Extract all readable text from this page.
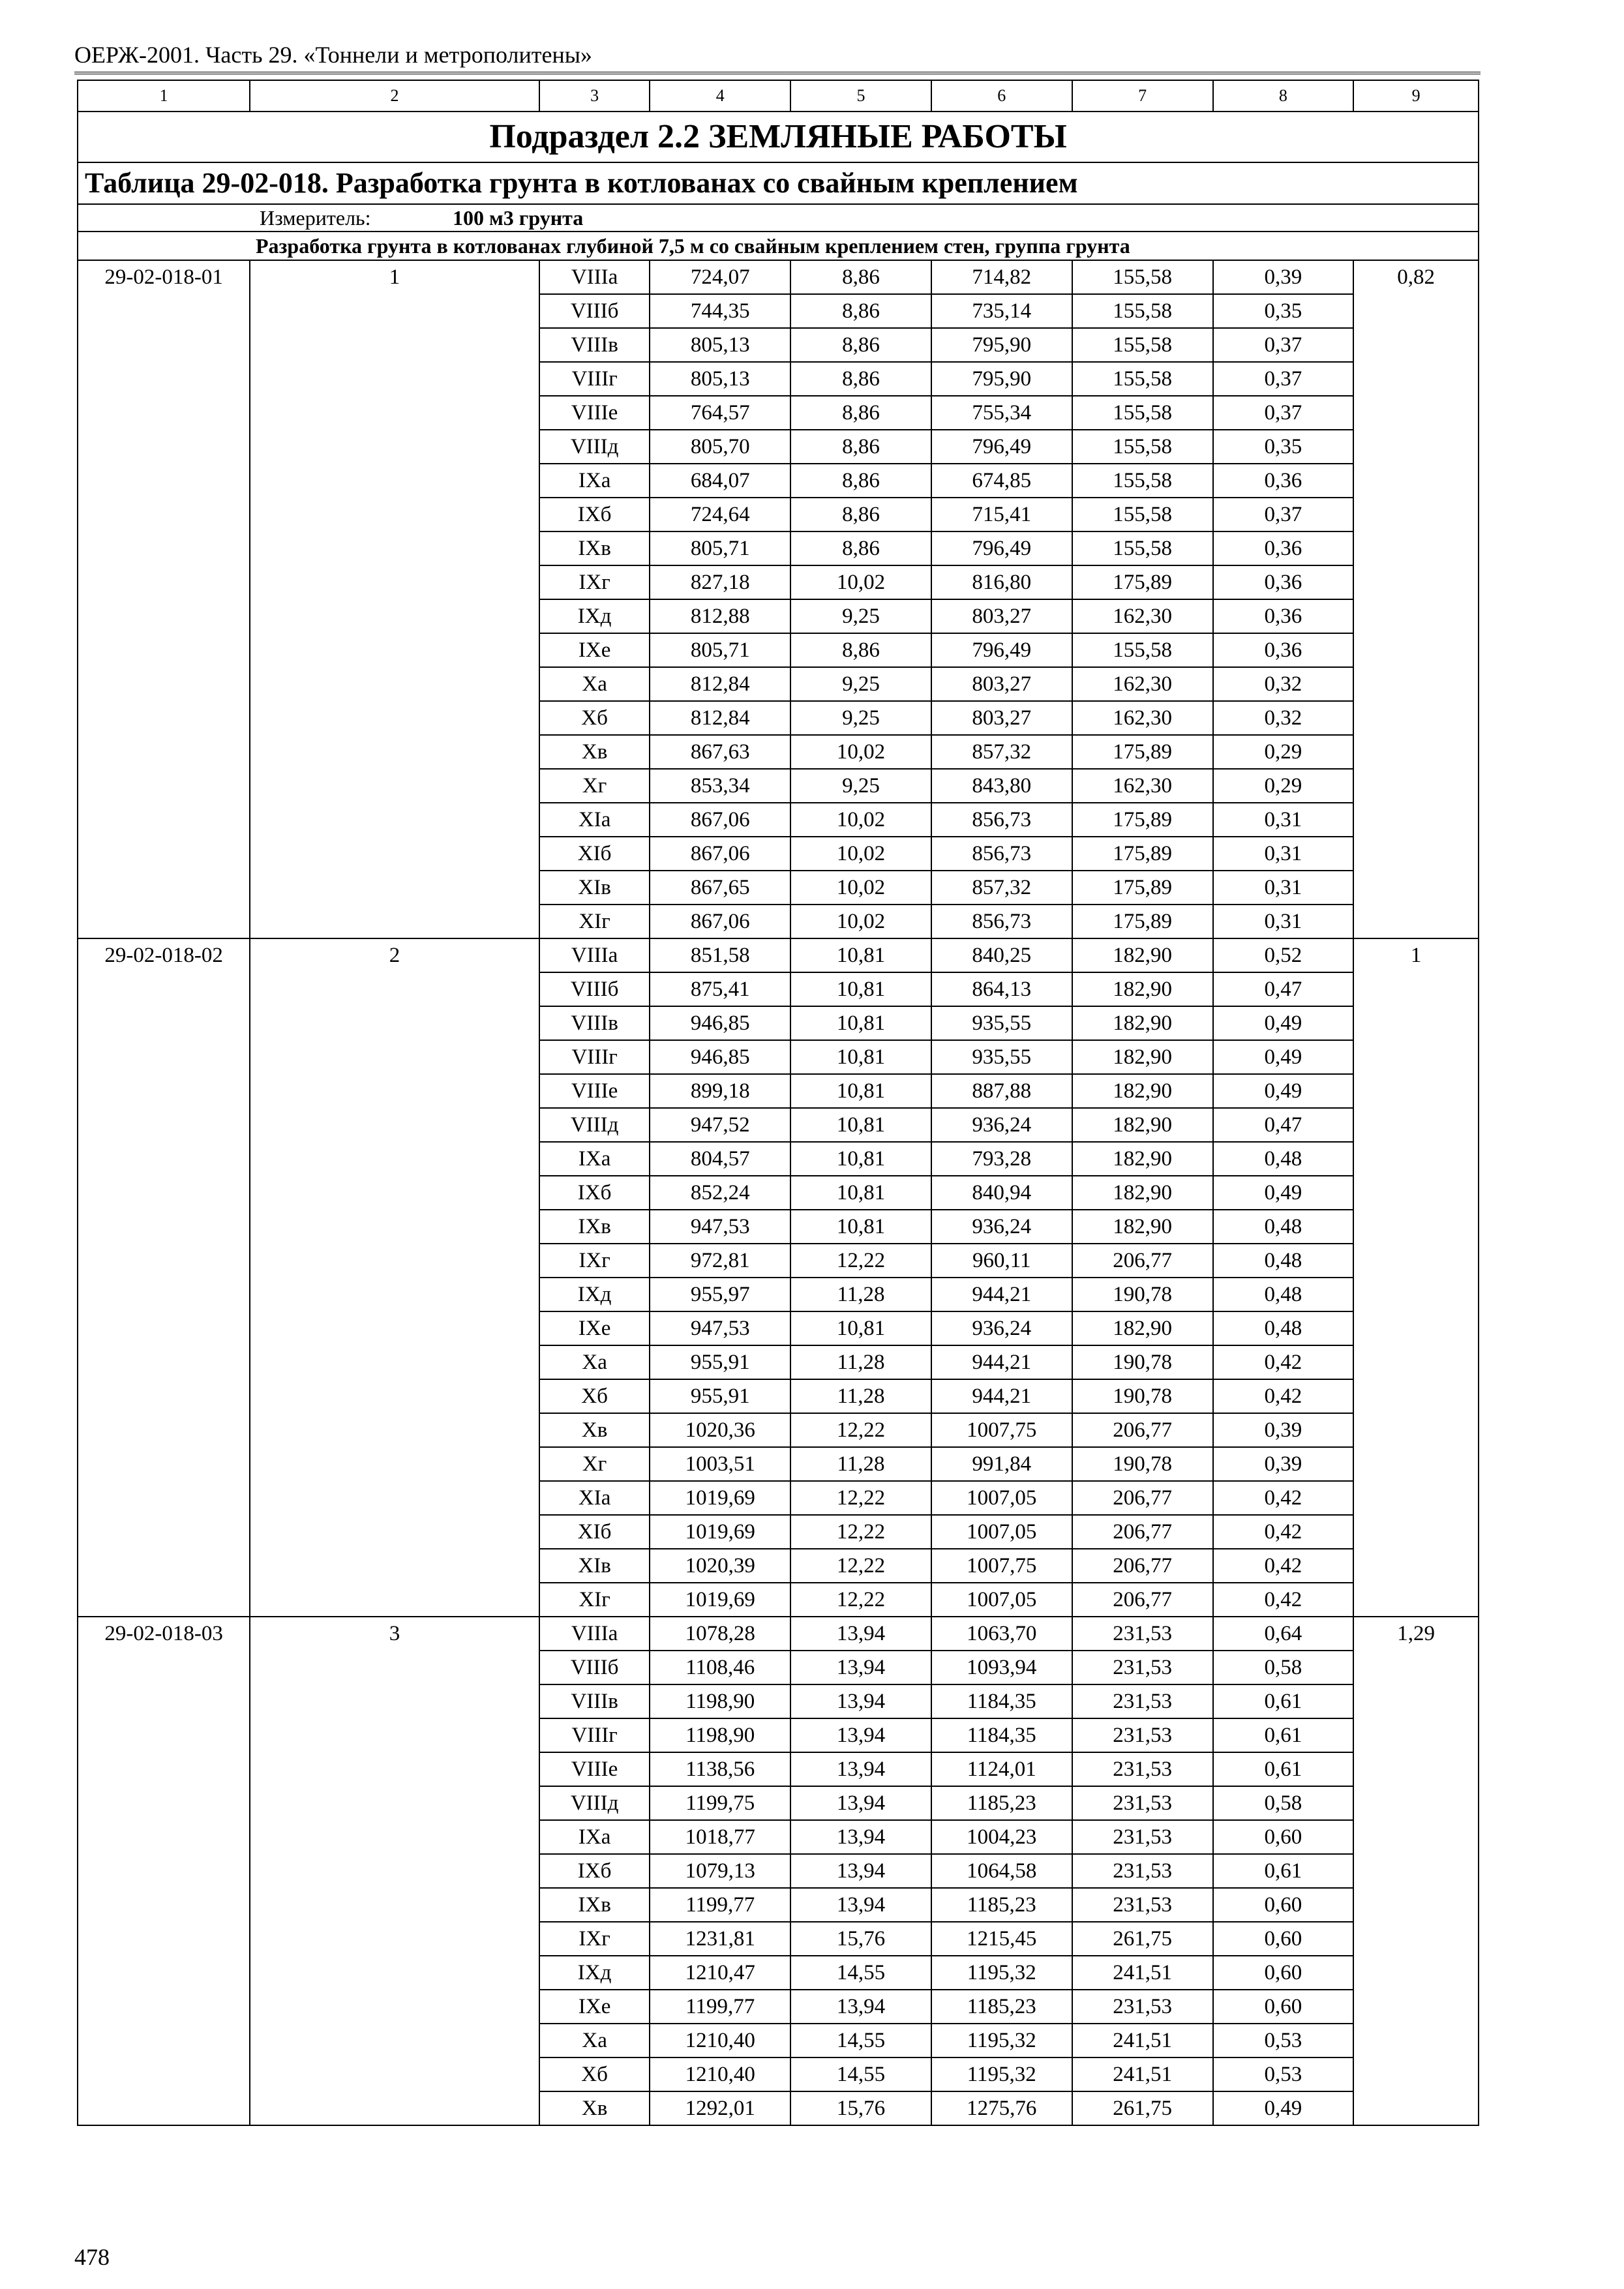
ОЕРЖ-2001. Часть 29. «Тоннели и метрополитены»
1	2	3	4	5	6	7	8	9
Подраздел 2.2 ЗЕМЛЯНЫЕ РАБОТЫ								
Таблица 29-02-018. Разработка грунта в котлованах со свайным креплением								
Измеритель: 100 м3 грунта								
Разработка грунта в котлованах глубиной 7,5 м со свайным креплением стен, группа грунта								
29-02-018-01	1	VIIIа	724,07	8,86	714,82	155,58	0,39	0,82
		VIIIб	744,35	8,86	735,14	155,58	0,35	
		VIIIв	805,13	8,86	795,90	155,58	0,37	
		VIIIг	805,13	8,86	795,90	155,58	0,37	
		VIIIе	764,57	8,86	755,34	155,58	0,37	
		VIIIд	805,70	8,86	796,49	155,58	0,35	
		IXа	684,07	8,86	674,85	155,58	0,36	
		IXб	724,64	8,86	715,41	155,58	0,37	
		IXв	805,71	8,86	796,49	155,58	0,36	
		IXг	827,18	10,02	816,80	175,89	0,36	
		IXд	812,88	9,25	803,27	162,30	0,36	
		IXе	805,71	8,86	796,49	155,58	0,36	
		Xа	812,84	9,25	803,27	162,30	0,32	
		Xб	812,84	9,25	803,27	162,30	0,32	
		Xв	867,63	10,02	857,32	175,89	0,29	
		Xг	853,34	9,25	843,80	162,30	0,29	
		XIа	867,06	10,02	856,73	175,89	0,31	
		XIб	867,06	10,02	856,73	175,89	0,31	
		XIв	867,65	10,02	857,32	175,89	0,31	
		XIг	867,06	10,02	856,73	175,89	0,31	
29-02-018-02	2	VIIIа	851,58	10,81	840,25	182,90	0,52	1
		VIIIб	875,41	10,81	864,13	182,90	0,47	
		VIIIв	946,85	10,81	935,55	182,90	0,49	
		VIIIг	946,85	10,81	935,55	182,90	0,49	
		VIIIе	899,18	10,81	887,88	182,90	0,49	
		VIIIд	947,52	10,81	936,24	182,90	0,47	
		IXа	804,57	10,81	793,28	182,90	0,48	
		IXб	852,24	10,81	840,94	182,90	0,49	
		IXв	947,53	10,81	936,24	182,90	0,48	
		IXг	972,81	12,22	960,11	206,77	0,48	
		IXд	955,97	11,28	944,21	190,78	0,48	
		IXе	947,53	10,81	936,24	182,90	0,48	
		Xа	955,91	11,28	944,21	190,78	0,42	
		Xб	955,91	11,28	944,21	190,78	0,42	
		Xв	1020,36	12,22	1007,75	206,77	0,39	
		Xг	1003,51	11,28	991,84	190,78	0,39	
		XIа	1019,69	12,22	1007,05	206,77	0,42	
		XIб	1019,69	12,22	1007,05	206,77	0,42	
		XIв	1020,39	12,22	1007,75	206,77	0,42	
		XIг	1019,69	12,22	1007,05	206,77	0,42	
29-02-018-03	3	VIIIа	1078,28	13,94	1063,70	231,53	0,64	1,29
		VIIIб	1108,46	13,94	1093,94	231,53	0,58	
		VIIIв	1198,90	13,94	1184,35	231,53	0,61	
		VIIIг	1198,90	13,94	1184,35	231,53	0,61	
		VIIIе	1138,56	13,94	1124,01	231,53	0,61	
		VIIIд	1199,75	13,94	1185,23	231,53	0,58	
		IXа	1018,77	13,94	1004,23	231,53	0,60	
		IXб	1079,13	13,94	1064,58	231,53	0,61	
		IXв	1199,77	13,94	1185,23	231,53	0,60	
		IXг	1231,81	15,76	1215,45	261,75	0,60	
		IXд	1210,47	14,55	1195,32	241,51	0,60	
		IXе	1199,77	13,94	1185,23	231,53	0,60	
		Xа	1210,40	14,55	1195,32	241,51	0,53	
		Xб	1210,40	14,55	1195,32	241,51	0,53	
		Xв	1292,01	15,76	1275,76	261,75	0,49	
478
